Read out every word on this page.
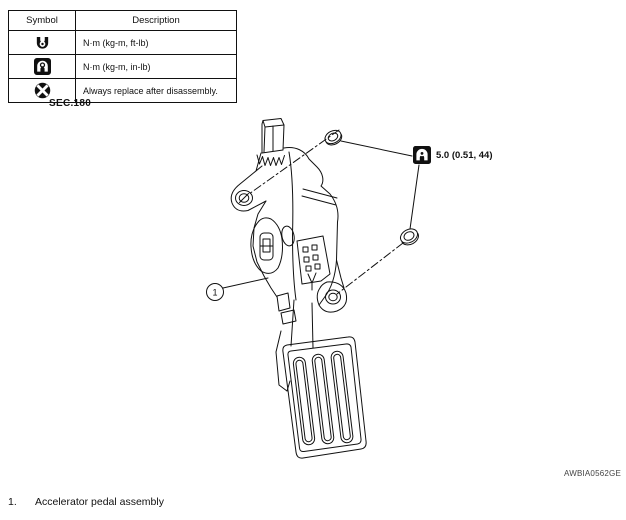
Symbol	Description

	N·m (kg-m, ft-lb)

	N·m (kg-m, in-lb)

	Always replace after disassembly.
SEC.180
1
5.0 (0.51, 44)
AWBIA0562GE
1.	Accelerator pedal assembly
